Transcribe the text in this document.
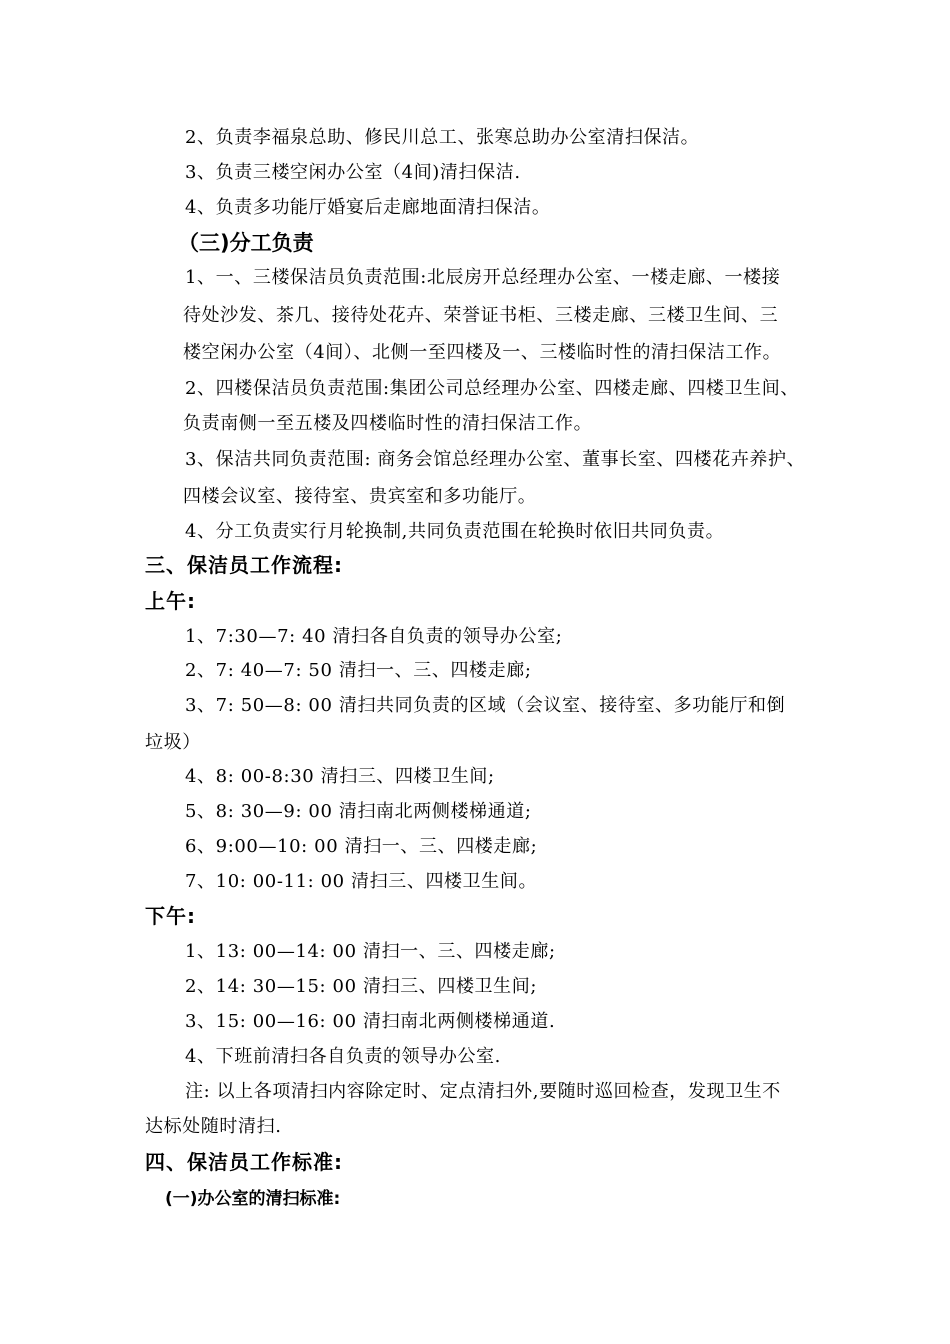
2、负责李福泉总助、修民川总工、张寒总助办公室清扫保洁。
3、负责三楼空闲办公室（4间)清扫保洁.
4、负责多功能厅婚宴后走廊地面清扫保洁。
（三)分工负责
1、一、三楼保洁员负责范围:北辰房开总经理办公室、一楼走廊、一楼接
待处沙发、茶几、接待处花卉、荣誉证书柜、三楼走廊、三楼卫生间、三
楼空闲办公室（4间）、北侧一至四楼及一、三楼临时性的清扫保洁工作。
2、四楼保洁员负责范围:集团公司总经理办公室、四楼走廊、四楼卫生间、
负责南侧一至五楼及四楼临时性的清扫保洁工作。
3、保洁共同负责范围: 商务会馆总经理办公室、董事长室、四楼花卉养护、
四楼会议室、接待室、贵宾室和多功能厅。
4、分工负责实行月轮换制,共同负责范围在轮换时依旧共同负责。
三、保洁员工作流程:
上午:
1、7:30—7: 40 清扫各自负责的领导办公室;
2、7: 40—7: 50 清扫一、三、四楼走廊;
3、7: 50—8: 00 清扫共同负责的区域（会议室、接待室、多功能厅和倒
垃圾）
4、8: 00-8:30 清扫三、四楼卫生间;
5、8: 30—9: 00 清扫南北两侧楼梯通道;
6、9:00—10: 00 清扫一、三、四楼走廊;
7、10: 00-11: 00 清扫三、四楼卫生间。
下午:
1、13: 00—14: 00 清扫一、三、四楼走廊;
2、14: 30—15: 00 清扫三、四楼卫生间;
3、15: 00—16: 00 清扫南北两侧楼梯通道.
4、下班前清扫各自负责的领导办公室.
注: 以上各项清扫内容除定时、定点清扫外,要随时巡回检查，发现卫生不
达标处随时清扫.
四、保洁员工作标准:
(一)办公室的清扫标准:
